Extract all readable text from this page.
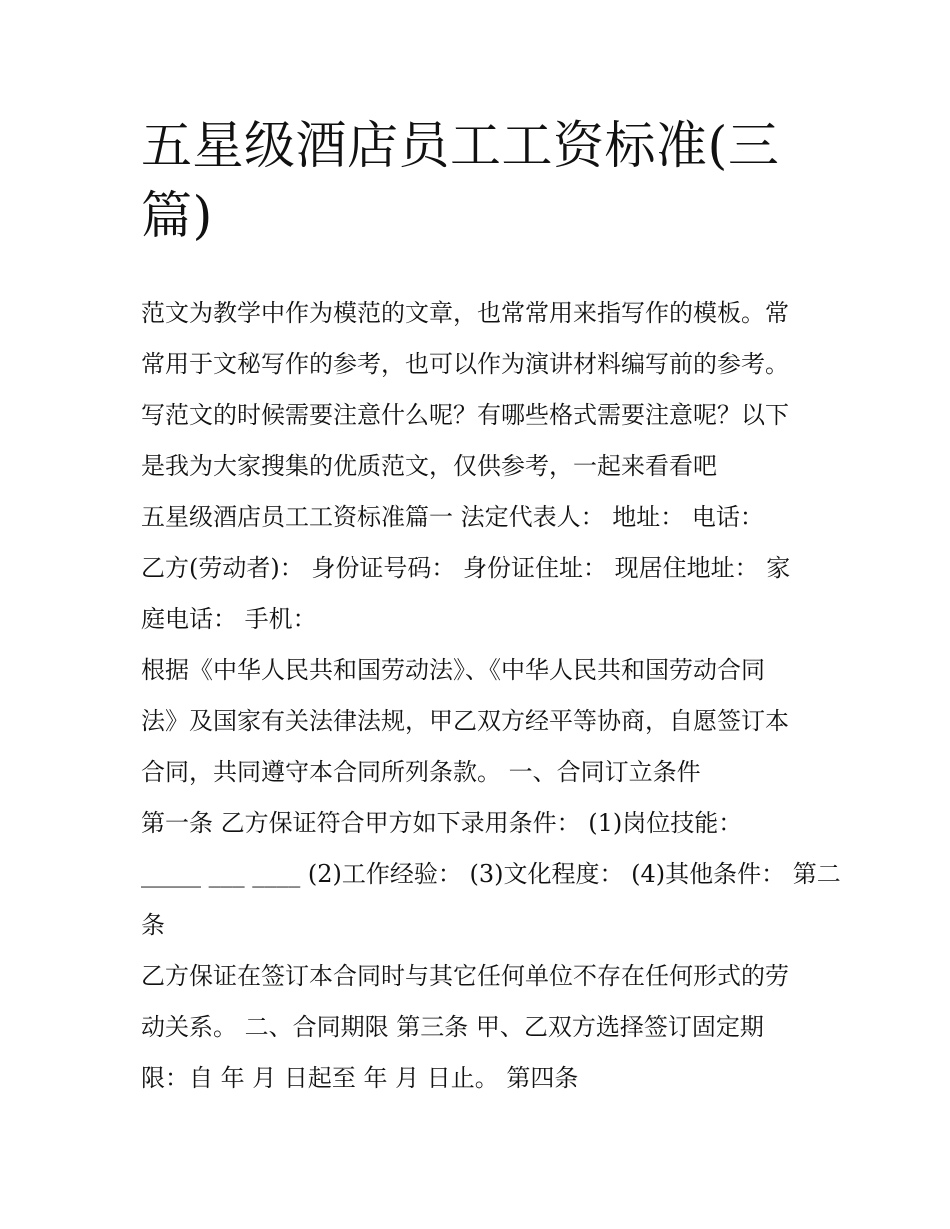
五星级酒店员工工资标准(三
篇)
范文为教学中作为模范的文章，也常常用来指写作的模板。常
常用于文秘写作的参考，也可以作为演讲材料编写前的参考。
写范文的时候需要注意什么呢？有哪些格式需要注意呢？以下
是我为大家搜集的优质范文，仅供参考，一起来看看吧
五星级酒店员工工资标准篇一 法定代表人： 地址： 电话：
乙方(劳动者)： 身份证号码： 身份证住址： 现居住地址： 家
庭电话： 手机：
根据《中华人民共和国劳动法》、《中华人民共和国劳动合同
法》及国家有关法律法规，甲乙双方经平等协商，自愿签订本
合同，共同遵守本合同所列条款。 一、合同订立条件
第一条 乙方保证符合甲方如下录用条件： (1)岗位技能：
_____ ___ ____ (2)工作经验： (3)文化程度： (4)其他条件： 第二
条
乙方保证在签订本合同时与其它任何单位不存在任何形式的劳
动关系。 二、合同期限 第三条 甲、乙双方选择签订固定期
限：自 年 月 日起至 年 月 日止。 第四条
